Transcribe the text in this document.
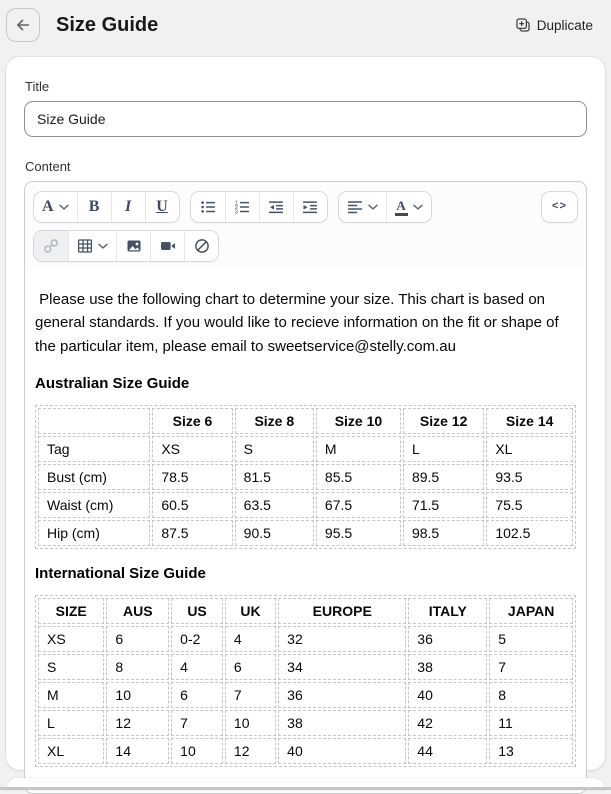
Size Guide	Duplicate
Title
Size Guide
Content
A B I U	1
2
3
A	<>

Please use the following chart to determine your size. This chart is based on general standards. If you would like to recieve information on the fit or shape of the particular item, please email to sweetservice@stelly.com.au

Australian Size Guide
	Size 6	Size 8	Size 10	Size 12	Size 14
Tag	XS	S	M	L	XL
Bust (cm)	78.5	81.5	85.5	89.5	93.5
Waist (cm)	60.5	63.5	67.5	71.5	75.5
Hip (cm)	87.5	90.5	95.5	98.5	102.5
International Size Guide
SIZE	AUS	US	UK	EUROPE	ITALY	JAPAN
XS	6	0-2	4	32	36	5
S	8	4	6	34	38	7
M	10	6	7	36	40	8
L	12	7	10	38	42	11
XL	14	10	12	40	44	13
